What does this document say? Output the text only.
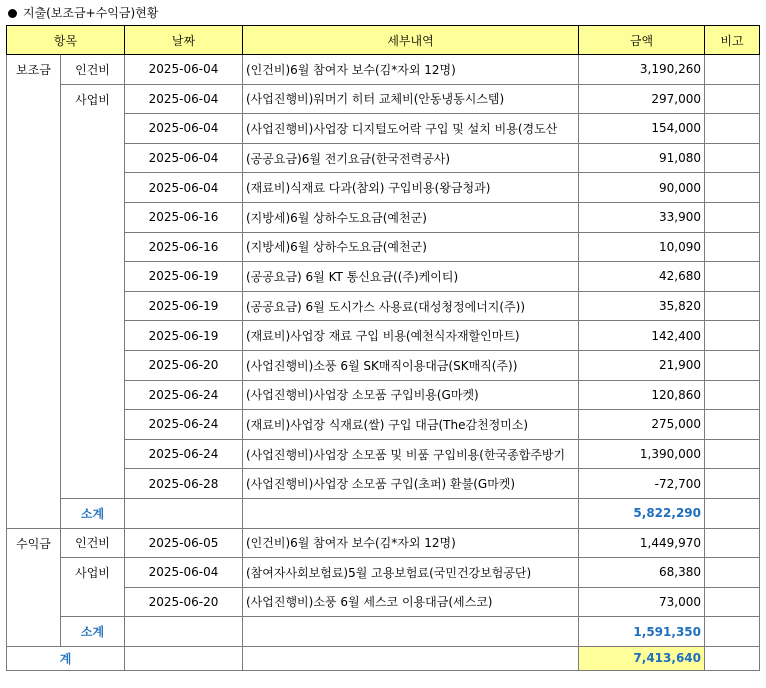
지출(보조금+수익금)현황
항목		날짜	세부내역	금액	비고
보조금	인건비	2025-06-04	(인건비)6월 참여자 보수(김*자외 12명)	3,190,260	
	사업비	2025-06-04	(사업진행비)워머기 히터 교체비(안동냉동시스템)	297,000	
		2025-06-04	(사업진행비)사업장 디지털도어락 구입 및 설치 비용(경도산	154,000	
		2025-06-04	(공공요금)6월 전기요금(한국전력공사)	91,080	
		2025-06-04	(재료비)식재료 다과(참외) 구입비용(왕금청과)	90,000	
		2025-06-16	(지방세)6월 상하수도요금(예천군)	33,900	
		2025-06-16	(지방세)6월 상하수도요금(예천군)	10,090	
		2025-06-19	(공공요금) 6월 KT 통신요금((주)케이티)	42,680	
		2025-06-19	(공공요금) 6월 도시가스 사용료(대성청정에너지(주))	35,820	
		2025-06-19	(재료비)사업장 재료 구입 비용(예천식자재할인마트)	142,400	
		2025-06-20	(사업진행비)소풍 6월 SK매직이용대금(SK매직(주))	21,900	
		2025-06-24	(사업진행비)사업장 소모품 구입비용(G마켓)	120,860	
		2025-06-24	(재료비)사업장 식재료(쌀) 구입 대금(The감천정미소)	275,000	
		2025-06-24	(사업진행비)사업장 소모품 및 비품 구입비용(한국종합주방기	1,390,000	
		2025-06-28	(사업진행비)사업장 소모품 구입(초퍼) 환불(G마켓)	-72,700	
	소계			5,822,290	
수익금	인건비	2025-06-05	(인건비)6월 참여자 보수(김*자외 12명)	1,449,970	
	사업비	2025-06-04	(참여자사회보험료)5월 고용보험료(국민건강보험공단)	68,380	
		2025-06-20	(사업진행비)소풍 6월 세스코 이용대금(세스코)	73,000	
	소계			1,591,350	
계				7,413,640	
